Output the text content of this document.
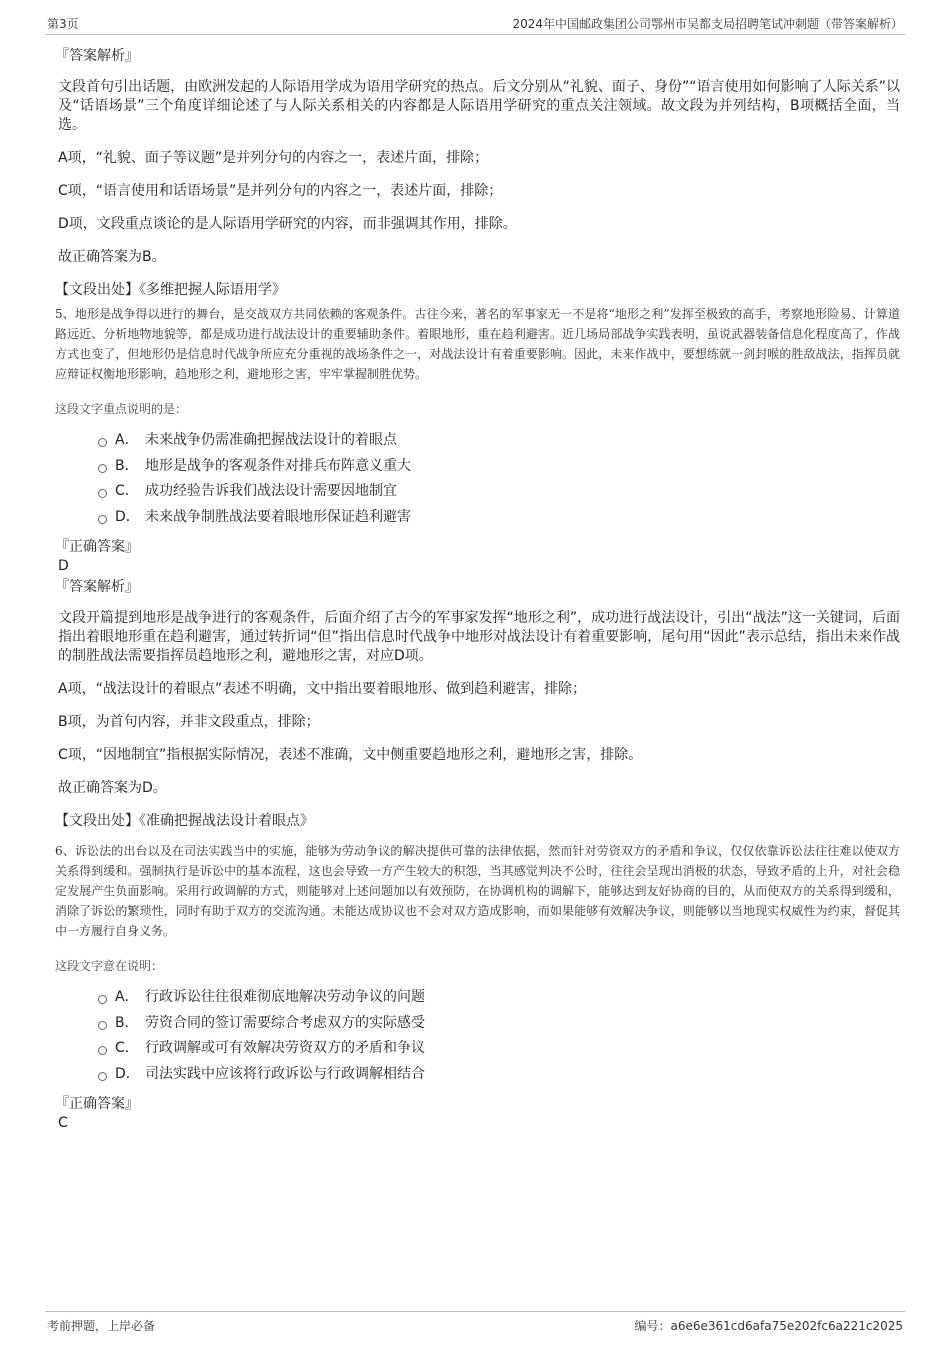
第3页	2024年中国邮政集团公司鄂州市吴都支局招聘笔试冲刺题（带答案解析）

『答案解析』

文段首句引出话题，由欧洲发起的人际语用学成为语用学研究的热点。后文分别从“礼貌、面子、身份”“语言使用如何影响了人际关系”以及“话语场景”三个角度详细论述了与人际关系相关的内容都是人际语用学研究的重点关注领域。故文段为并列结构，B项概括全面，当选。

A项，“礼貌、面子等议题”是并列分句的内容之一，表述片面，排除；

C项，“语言使用和话语场景”是并列分句的内容之一，表述片面，排除；

D项，文段重点谈论的是人际语用学研究的内容，而非强调其作用，排除。

故正确答案为B。

【文段出处】《多维把握人际语用学》

5、地形是战争得以进行的舞台，是交战双方共同依赖的客观条件。古往今来，著名的军事家无一不是将“地形之利”发挥至极致的高手，考察地形险易、计算道路远近、分析地物地貌等，都是成功进行战法设计的重要辅助条件。着眼地形，重在趋利避害。近几场局部战争实践表明，虽说武器装备信息化程度高了，作战方式也变了，但地形仍是信息时代战争所应充分重视的战场条件之一，对战法设计有着重要影响。因此，未来作战中，要想练就一剑封喉的胜敌战法，指挥员就应辩证权衡地形影响，趋地形之利，避地形之害，牢牢掌握制胜优势。

这段文字重点说明的是：

A． 未来战争仍需准确把握战法设计的着眼点
B． 地形是战争的客观条件对排兵布阵意义重大
C． 成功经验告诉我们战法设计需要因地制宜
D． 未来战争制胜战法要着眼地形保证趋利避害

『正确答案』

D

『答案解析』

文段开篇提到地形是战争进行的客观条件，后面介绍了古今的军事家发挥“地形之利”，成功进行战法设计，引出“战法”这一关键词，后面指出着眼地形重在趋利避害，通过转折词“但”指出信息时代战争中地形对战法设计有着重要影响，尾句用“因此”表示总结，指出未来作战的制胜战法需要指挥员趋地形之利，避地形之害，对应D项。

A项，“战法设计的着眼点”表述不明确，文中指出要着眼地形、做到趋利避害，排除；

B项，为首句内容，并非文段重点，排除；

C项，“因地制宜”指根据实际情况，表述不准确，文中侧重要趋地形之利，避地形之害，排除。

故正确答案为D。

【文段出处】《准确把握战法设计着眼点》

6、诉讼法的出台以及在司法实践当中的实施，能够为劳动争议的解决提供可靠的法律依据，然而针对劳资双方的矛盾和争议，仅仅依靠诉讼法往往难以使双方关系得到缓和。强制执行是诉讼中的基本流程，这也会导致一方产生较大的积怨，当其感觉判决不公时，往往会呈现出消极的状态，导致矛盾的上升，对社会稳定发展产生负面影响。采用行政调解的方式，则能够对上述问题加以有效预防，在协调机构的调解下，能够达到友好协商的目的，从而使双方的关系得到缓和，消除了诉讼的繁琐性，同时有助于双方的交流沟通。未能达成协议也不会对双方造成影响，而如果能够有效解决争议，则能够以当地现实权威性为约束，督促其中一方履行自身义务。

这段文字意在说明：

A． 行政诉讼往往很难彻底地解决劳动争议的问题
B． 劳资合同的签订需要综合考虑双方的实际感受
C． 行政调解或可有效解决劳资双方的矛盾和争议
D． 司法实践中应该将行政诉讼与行政调解相结合

『正确答案』

C

考前押题，上岸必备	编号：a6e6e361cd6afa75e202fc6a221c2025
